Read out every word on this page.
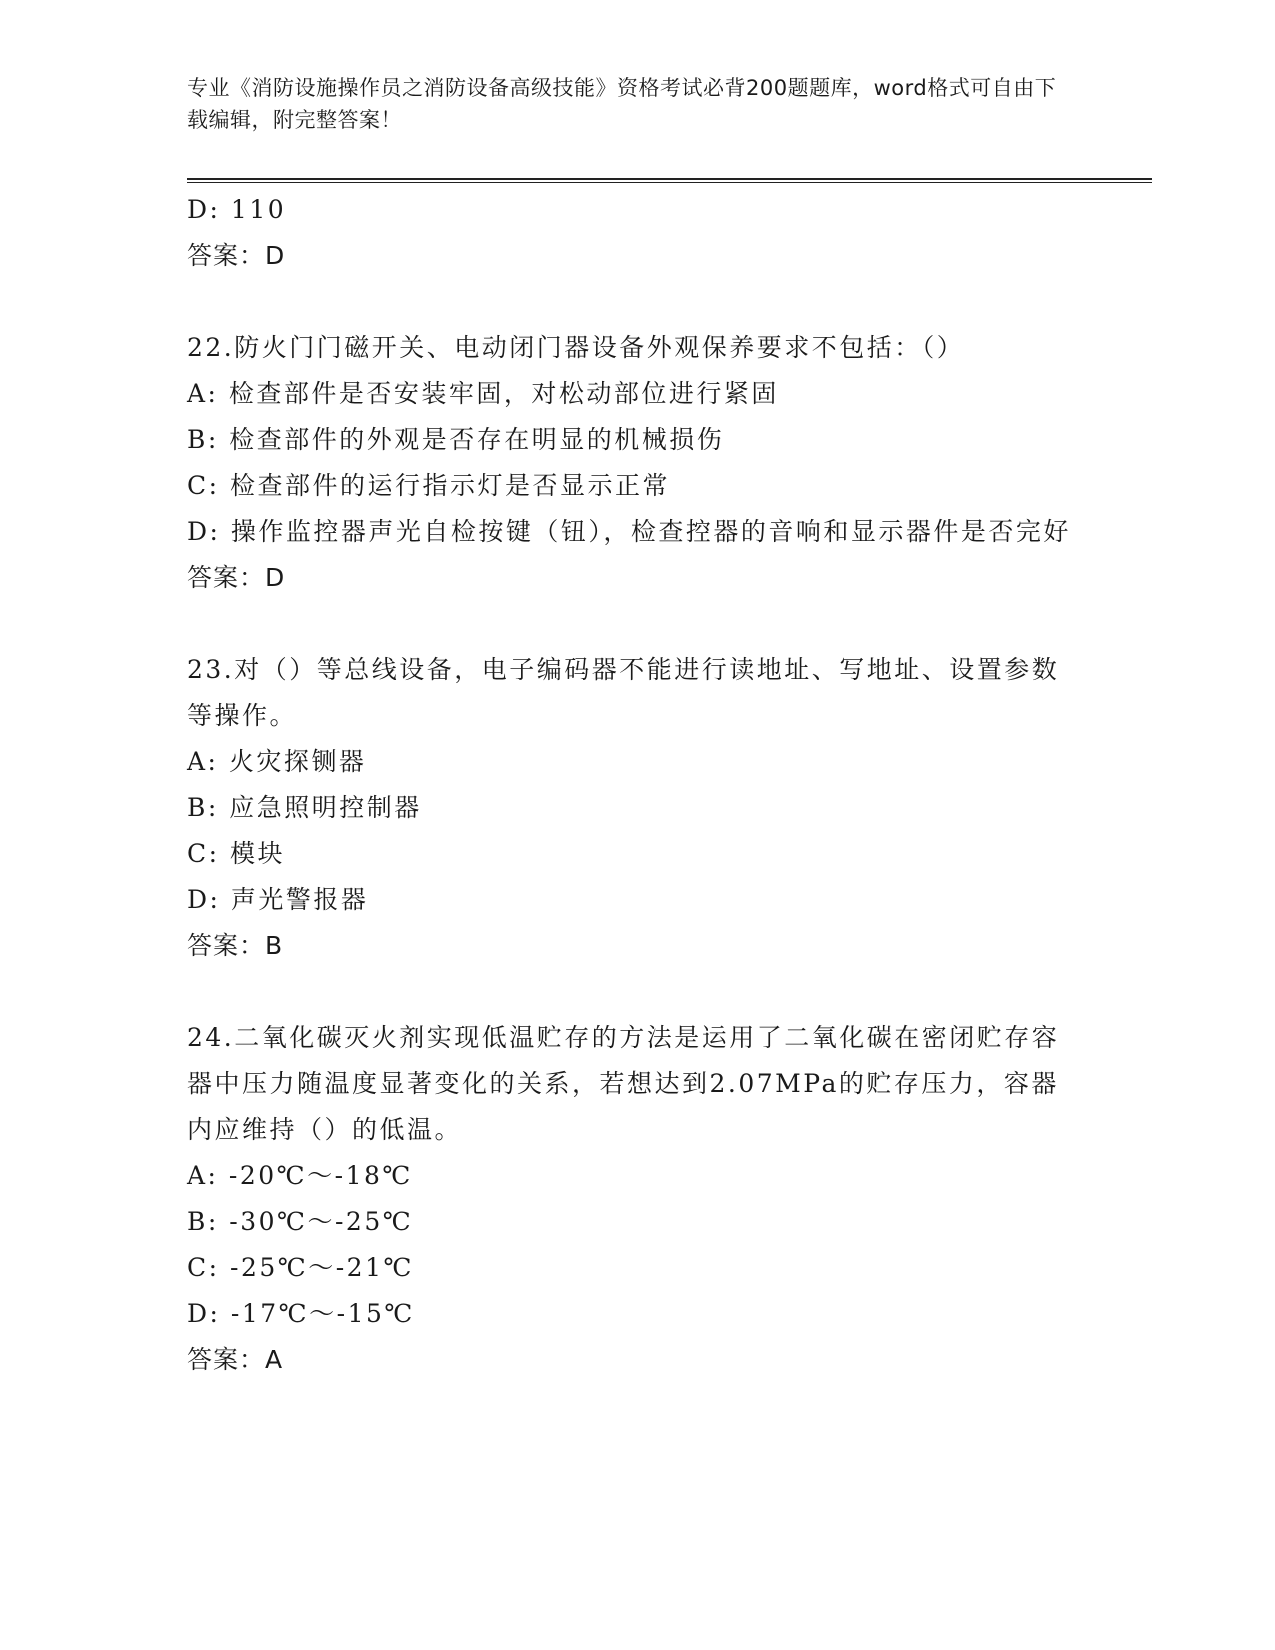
专业《消防设施操作员之消防设备高级技能》资格考试必背200题题库，word格式可自由下载编辑，附完整答案！
D: 110
答案：D
22.防火门门磁开关、电动闭门器设备外观保养要求不包括：（）
A: 检查部件是否安装牢固，对松动部位进行紧固
B: 检查部件的外观是否存在明显的机械损伤
C: 检查部件的运行指示灯是否显示正常
D: 操作监控器声光自检按键（钮），检查控器的音响和显示器件是否完好
答案：D
23.对（）等总线设备，电子编码器不能进行读地址、写地址、设置参数等操作。
A: 火灾探铡器
B: 应急照明控制器
C: 模块
D: 声光警报器
答案：B
24.二氧化碳灭火剂实现低温贮存的方法是运用了二氧化碳在密闭贮存容器中压力随温度显著变化的关系，若想达到2.07MPa的贮存压力，容器内应维持（）的低温。
A: -20℃～-18℃
B: -30℃～-25℃
C: -25℃～-21℃
D: -17℃～-15℃
答案：A
